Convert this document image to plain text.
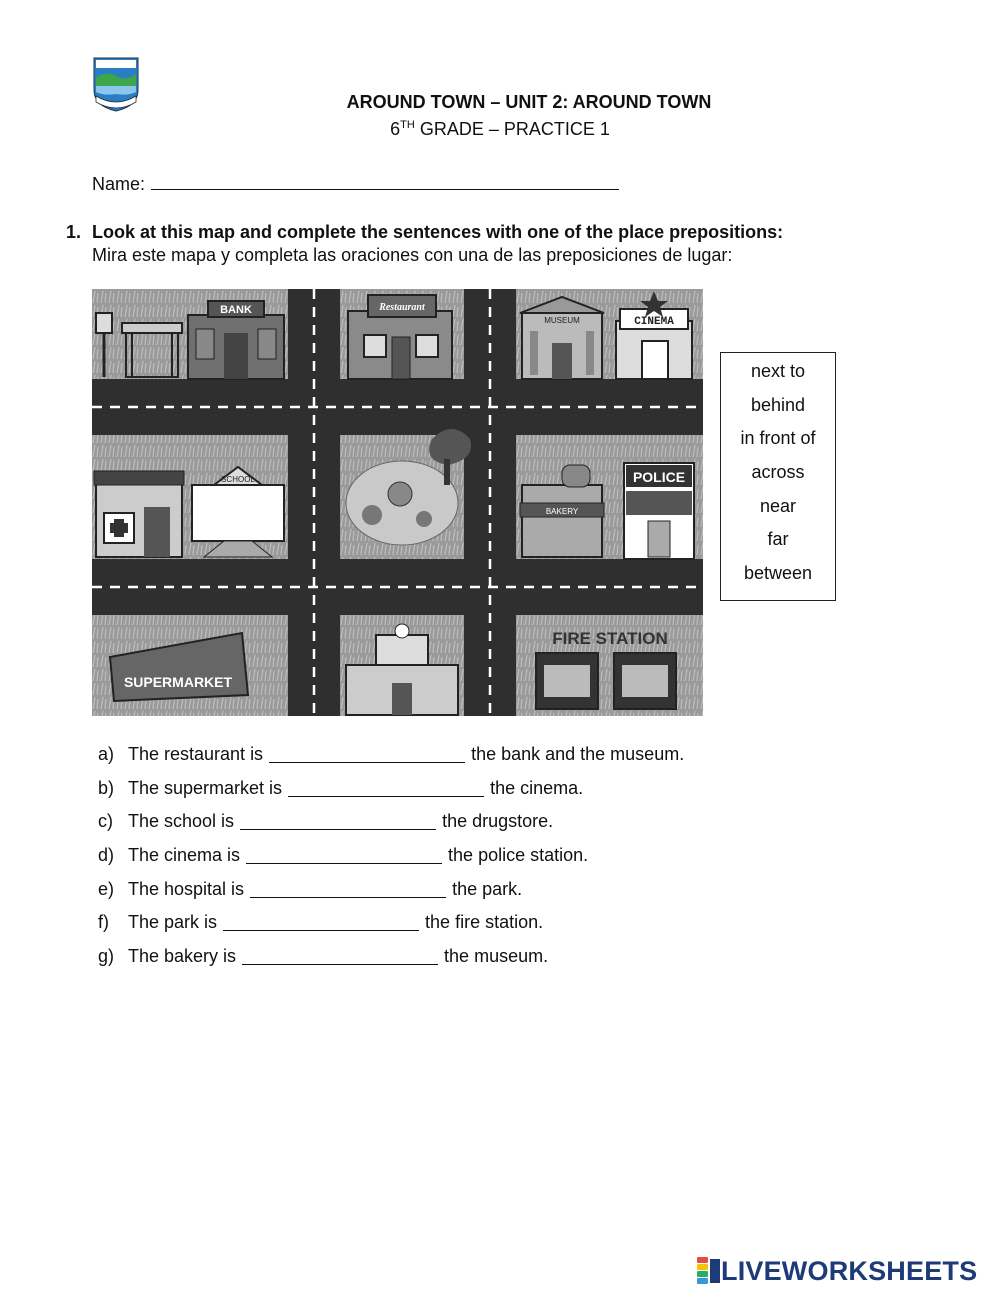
AROUND TOWN – UNIT 2: AROUND TOWN
6TH GRADE – PRACTICE 1
Name:
1. Look at this map and complete the sentences with one of the place prepositions:
Mira este mapa y completa las oraciones con una de las preposiciones de lugar:
BANK	Restaurant
MUSEUM	CINEMA
SCHOOL
BAKERY
POLICE
SUPERMARKET
FIRE STATION
next to
behind
in front of
across
near
far
between
a) The restaurant is	the bank and the museum.
b) The supermarket is	the cinema.
c) The school is	the drugstore.
d) The cinema is	the police station.
e) The hospital is	the park.
f)	The park is	the fire station.
g) The bakery is	the museum.
LIVEWORKSHEETS
